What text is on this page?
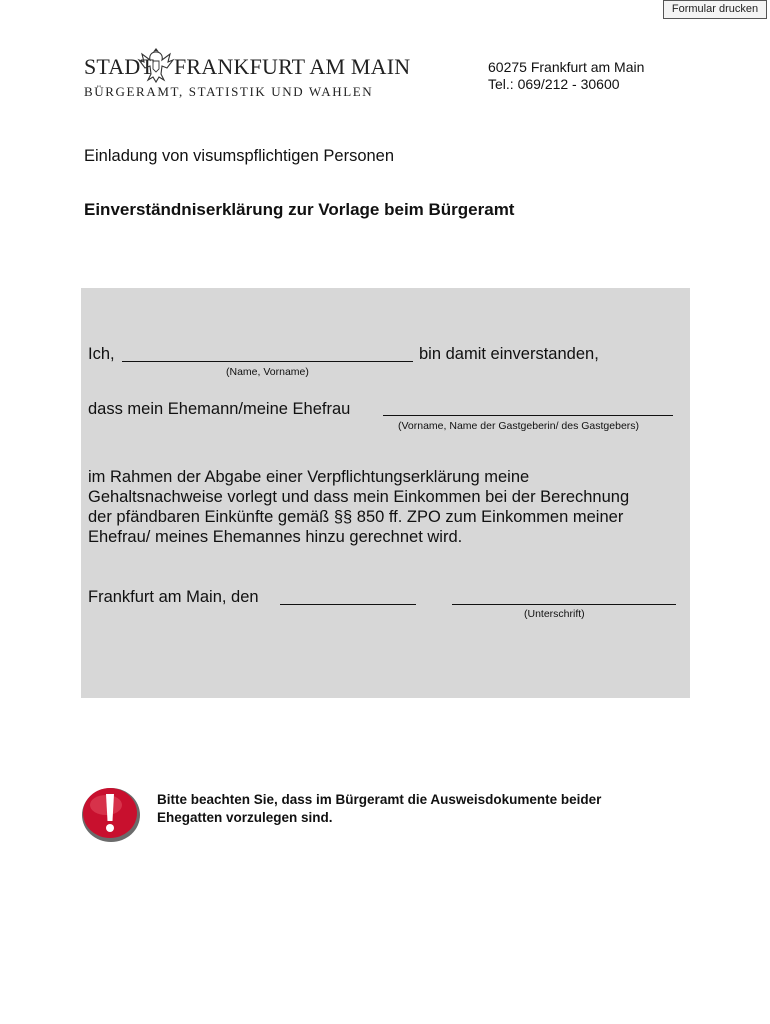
Formular drucken
STADT FRANKFURT AM MAIN
BÜRGERAMT, STATISTIK UND WAHLEN
60275 Frankfurt am Main
Tel.: 069/212 - 30600
Einladung von visumspflichtigen Personen
Einverständniserklärung zur Vorlage beim Bürgeramt
Ich,	bin damit einverstanden,
(Name, Vorname)
dass mein Ehemann/meine Ehefrau
(Vorname, Name der Gastgeberin/ des Gastgebers)
im Rahmen der Abgabe einer Verpflichtungserklärung meine
Gehaltsnachweise vorlegt und dass mein Einkommen bei der Berechnung
der pfändbaren Einkünfte gemäß §§ 850 ff. ZPO zum Einkommen meiner
Ehefrau/ meines Ehemannes hinzu gerechnet wird.
Frankfurt am Main, den
(Unterschrift)
Bitte beachten Sie, dass im Bürgeramt die Ausweisdokumente beider
Ehegatten vorzulegen sind.
